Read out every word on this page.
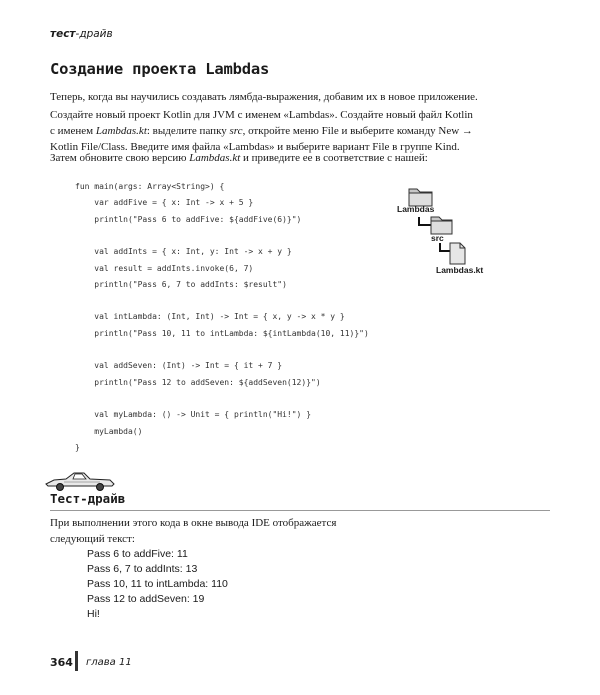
тест-драйв
Создание проекта Lambdas
Теперь, когда вы научились создавать лямбда-выражения, добавим их в новое приложение.
Создайте новый проект Kotlin для JVM с именем «Lambdas». Создайте новый файл Kotlin
с именем Lambdas.kt: выделите папку src, откройте меню File и выберите команду New →
Kotlin File/Class. Введите имя файла «Lambdas» и выберите вариант File в группе Kind.
Затем обновите свою версию Lambdas.kt и приведите ее в соответствие с нашей:
fun main(args: Array<String>) {
var addFive = { x: Int -> x + 5 }
println("Pass 6 to addFive: ${addFive(6)}")
val addInts = { x: Int, y: Int -> x + y }
val result = addInts.invoke(6, 7)
println("Pass 6, 7 to addInts: $result")
val intLambda: (Int, Int) -> Int = { x, y -> x * y }
println("Pass 10, 11 to intLambda: ${intLambda(10, 11)}")
val addSeven: (Int) -> Int = { it + 7 }
println("Pass 12 to addSeven: ${addSeven(12)}")
val myLambda: () -> Unit = { println("Hi!") }
myLambda()
}
Lambdas
src
Lambdas.kt
Тест-драйв
При выполнении этого кода в окне вывода IDE отображается
следующий текст:
Pass 6 to addFive: 11
Pass 6, 7 to addInts: 13
Pass 10, 11 to intLambda: 110
Pass 12 to addSeven: 19
Hi!
364 глава 11
